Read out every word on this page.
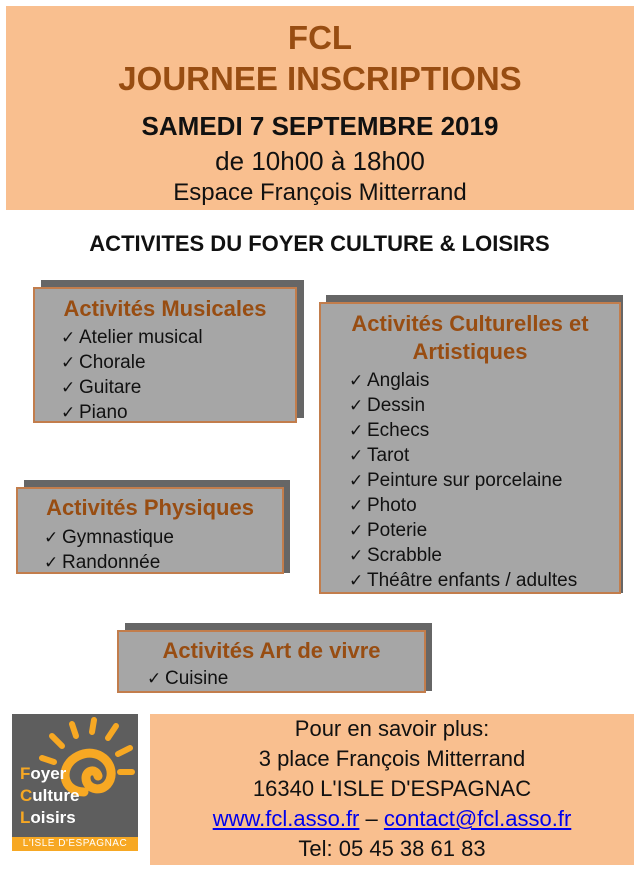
FCL
JOURNEE INSCRIPTIONS
SAMEDI 7 SEPTEMBRE 2019
de 10h00 à 18h00
Espace François Mitterrand
ACTIVITES DU FOYER CULTURE & LOISIRS
Activités Musicales
✓ Atelier musical
✓ Chorale
✓ Guitare
✓ Piano
Activités Culturelles et
Artistiques
✓ Anglais
✓ Dessin
✓ Echecs
✓ Tarot
✓ Peinture sur porcelaine
✓ Photo
✓ Poterie
✓ Scrabble
✓ Théâtre enfants / adultes
Activités Physiques
✓ Gymnastique
✓ Randonnée
Activités Art de vivre
✓ Cuisine
Foyer
Culture
Loisirs
L'ISLE D'ESPAGNAC
Pour en savoir plus:
3 place François Mitterrand
16340 L'ISLE D'ESPAGNAC
www.fcl.asso.fr – contact@fcl.asso.fr
Tel: 05 45 38 61 83
